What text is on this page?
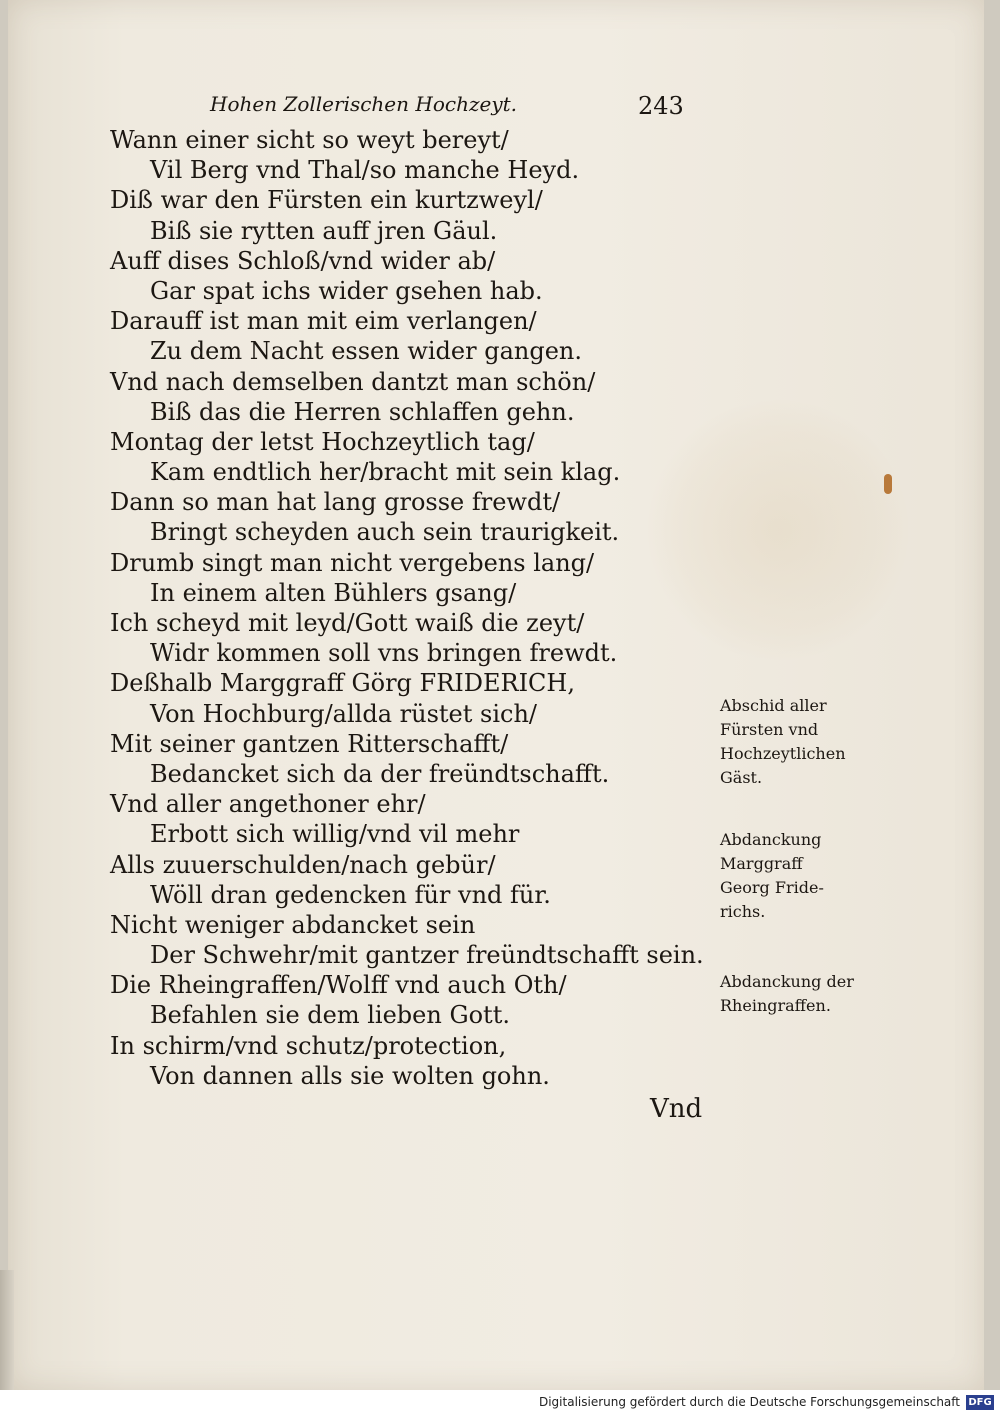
Hohen Zollerischen Hochzeyt.	243
Wann einer sicht so weyt bereyt/
Vil Berg vnd Thal/so manche Heyd.
Diß war den Fürsten ein kurtzweyl/
Biß sie rytten auff jren Gäul.
Auff dises Schloß/vnd wider ab/
Gar spat ichs wider gsehen hab.
Darauff ist man mit eim verlangen/
Zu dem Nacht essen wider gangen.
Vnd nach demselben dantzt man schön/
Biß das die Herren schlaffen gehn.
Montag der letst Hochzeytlich tag/
Kam endtlich her/bracht mit sein klag.
Dann so man hat lang grosse frewdt/
Bringt scheyden auch sein traurigkeit.
Drumb singt man nicht vergebens lang/
In einem alten Bühlers gsang/
Ich scheyd mit leyd/Gott waiß die zeyt/
Widr kommen soll vns bringen frewdt.
Deßhalb Marggraff Görg FRIDERICH,
Von Hochburg/allda rüstet sich/
Mit seiner gantzen Ritterschafft/
Bedancket sich da der freündtschafft.
Vnd aller angethoner ehr/
Erbott sich willig/vnd vil mehr
Alls zuuerschulden/nach gebür/
Wöll dran gedencken für vnd für.
Nicht weniger abdancket sein
Der Schwehr/mit gantzer freündtschafft sein.
Die Rheingraffen/Wolff vnd auch Oth/
Befahlen sie dem lieben Gott.
In schirm/vnd schutz/protection,
Von dannen alls sie wolten gohn.
Abschid aller
Fürsten vnd
Hochzeytlichen
Gäst.
Abdanckung
Marggraff
Georg Fride-
richs.
Abdanckung der
Rheingraffen.
Vnd
Digitalisierung gefördert durch die Deutsche Forschungsgemeinschaft DFG
